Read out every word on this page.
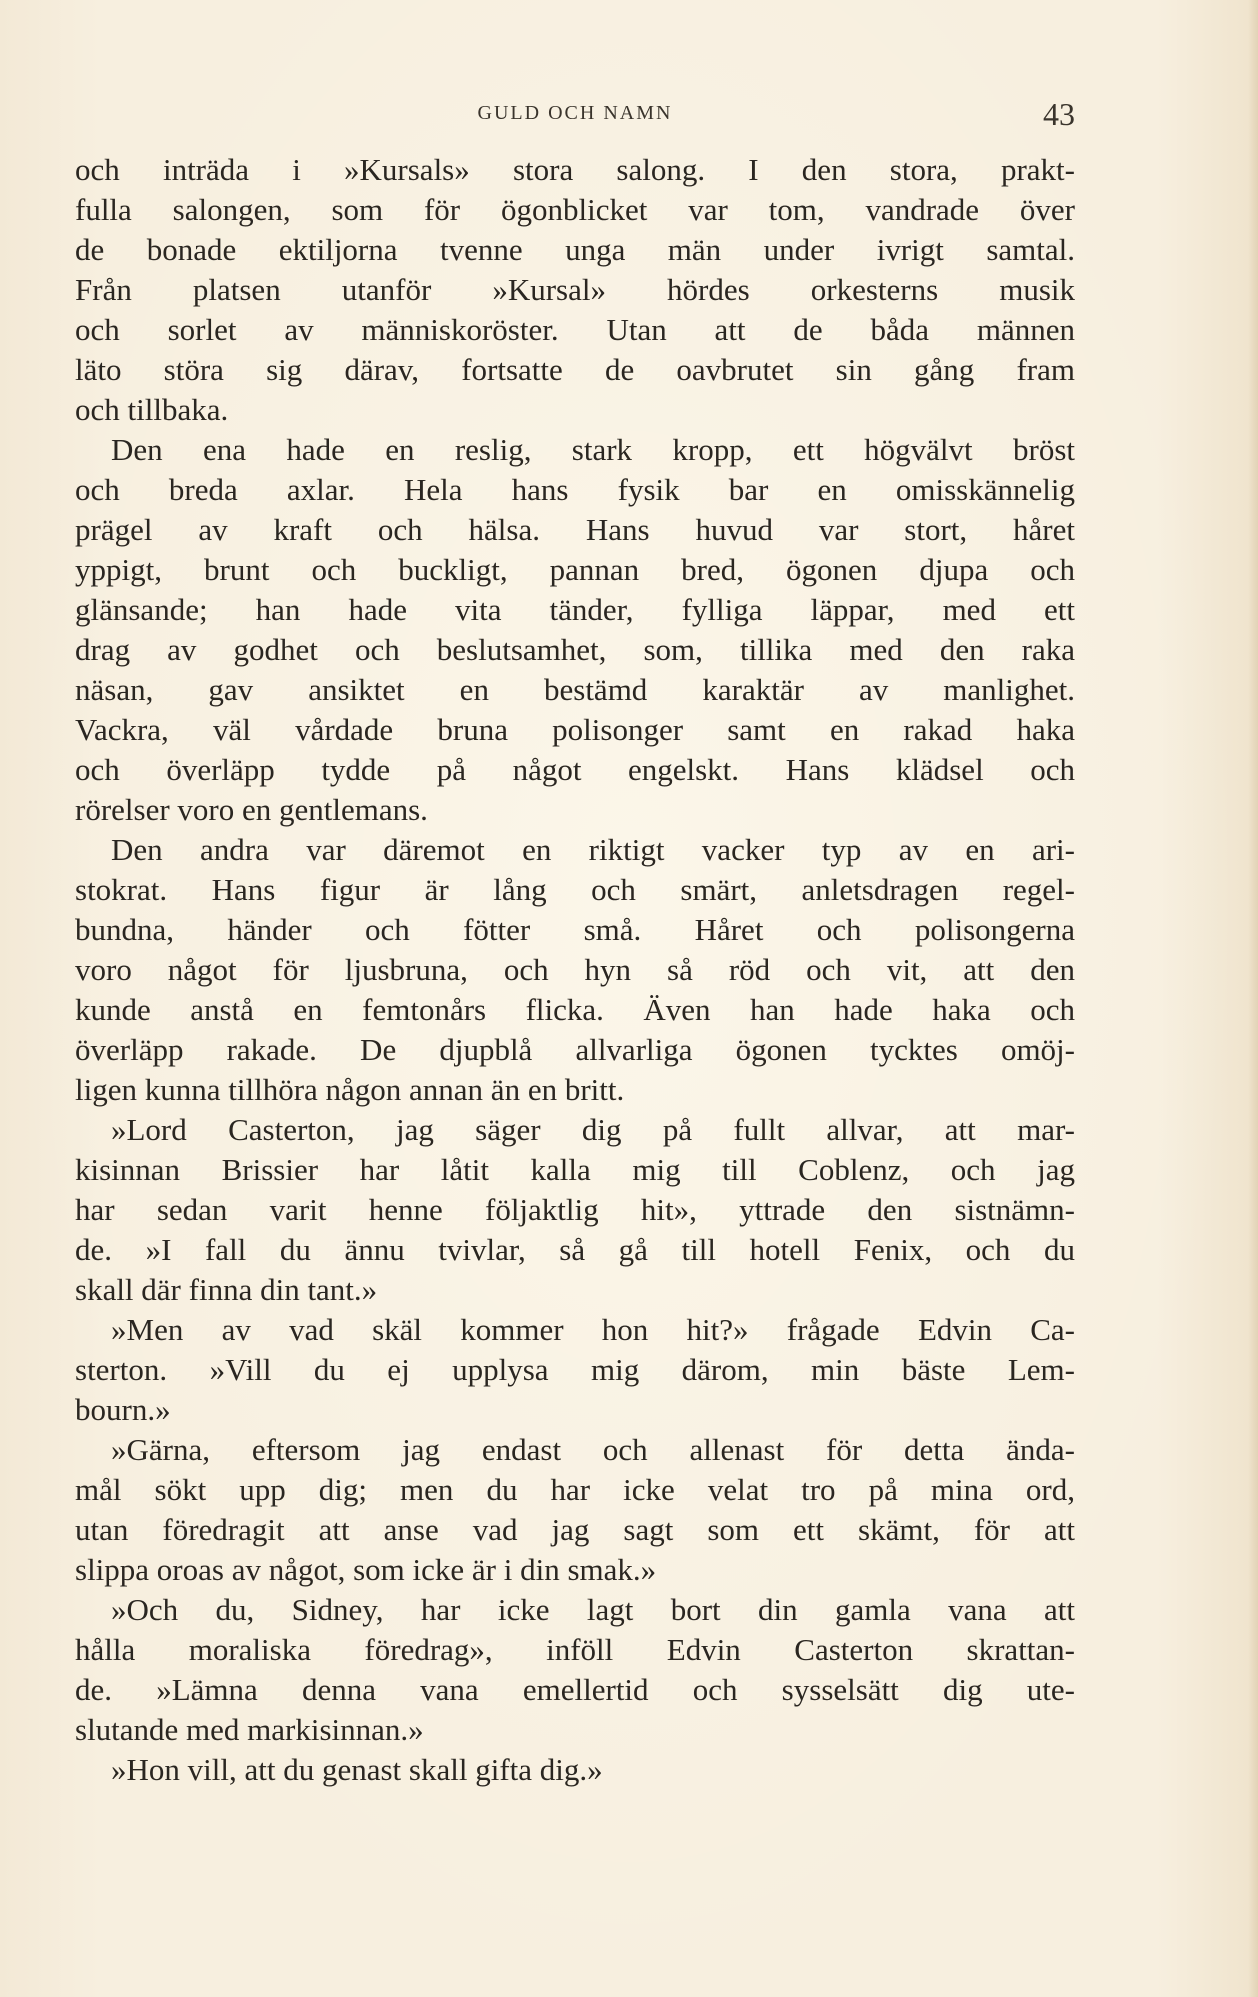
GULD OCH NAMN	43
och inträda i »Kursals» stora salong. I den stora, prakt-
fulla salongen, som för ögonblicket var tom, vandrade över
de bonade ektiljorna tvenne unga män under ivrigt samtal.
Från platsen utanför »Kursal» hördes orkesterns musik
och sorlet av människoröster. Utan att de båda männen
läto störa sig därav, fortsatte de oavbrutet sin gång fram
och tillbaka.
Den ena hade en reslig, stark kropp, ett högvälvt bröst
och breda axlar. Hela hans fysik bar en omisskännelig
prägel av kraft och hälsa. Hans huvud var stort, håret
yppigt, brunt och buckligt, pannan bred, ögonen djupa och
glänsande; han hade vita tänder, fylliga läppar, med ett
drag av godhet och beslutsamhet, som, tillika med den raka
näsan, gav ansiktet en bestämd karaktär av manlighet.
Vackra, väl vårdade bruna polisonger samt en rakad haka
och överläpp tydde på något engelskt. Hans klädsel och
rörelser voro en gentlemans.
Den andra var däremot en riktigt vacker typ av en ari-
stokrat. Hans figur är lång och smärt, anletsdragen regel-
bundna, händer och fötter små. Håret och polisongerna
voro något för ljusbruna, och hyn så röd och vit, att den
kunde anstå en femtonårs flicka. Även han hade haka och
överläpp rakade. De djupblå allvarliga ögonen tycktes omöj-
ligen kunna tillhöra någon annan än en britt.
»Lord Casterton, jag säger dig på fullt allvar, att mar-
kisinnan Brissier har låtit kalla mig till Coblenz, och jag
har sedan varit henne följaktlig hit», yttrade den sistnämn-
de. »I fall du ännu tvivlar, så gå till hotell Fenix, och du
skall där finna din tant.»
»Men av vad skäl kommer hon hit?» frågade Edvin Ca-
sterton. »Vill du ej upplysa mig därom, min bäste Lem-
bourn.»
»Gärna, eftersom jag endast och allenast för detta ända-
mål sökt upp dig; men du har icke velat tro på mina ord,
utan föredragit att anse vad jag sagt som ett skämt, för att
slippa oroas av något, som icke är i din smak.»
»Och du, Sidney, har icke lagt bort din gamla vana att
hålla moraliska föredrag», inföll Edvin Casterton skrattan-
de. »Lämna denna vana emellertid och sysselsätt dig ute-
slutande med markisinnan.»
»Hon vill, att du genast skall gifta dig.»
